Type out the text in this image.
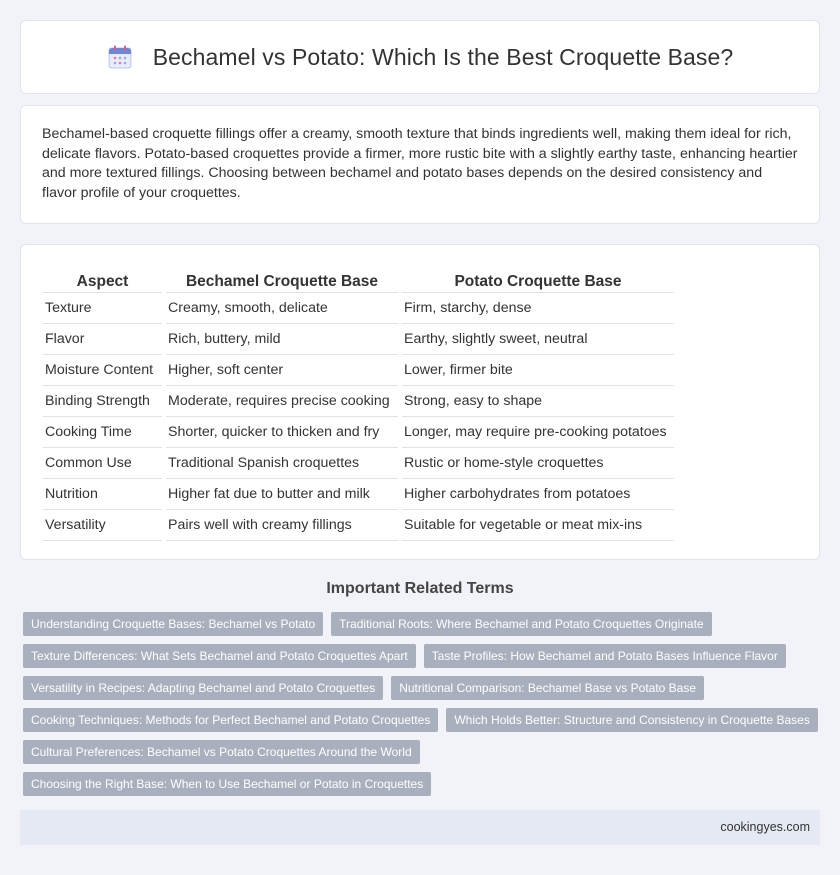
Bechamel vs Potato: Which Is the Best Croquette Base?

Bechamel-based croquette fillings offer a creamy, smooth texture that binds ingredients well, making them ideal for rich, delicate flavors. Potato-based croquettes provide a firmer, more rustic bite with a slightly earthy taste, enhancing heartier and more textured fillings. Choosing between bechamel and potato bases depends on the desired consistency and flavor profile of your croquettes.

Aspect	Bechamel Croquette Base	Potato Croquette Base
Texture	Creamy, smooth, delicate	Firm, starchy, dense
Flavor	Rich, buttery, mild	Earthy, slightly sweet, neutral
Moisture Content	Higher, soft center	Lower, firmer bite
Binding Strength	Moderate, requires precise cooking	Strong, easy to shape
Cooking Time	Shorter, quicker to thicken and fry	Longer, may require pre-cooking potatoes
Common Use	Traditional Spanish croquettes	Rustic or home-style croquettes
Nutrition	Higher fat due to butter and milk	Higher carbohydrates from potatoes
Versatility	Pairs well with creamy fillings	Suitable for vegetable or meat mix-ins
Important Related Terms
Understanding Croquette Bases: Bechamel vs Potato	Traditional Roots: Where Bechamel and Potato Croquettes Originate
Texture Differences: What Sets Bechamel and Potato Croquettes Apart	Taste Profiles: How Bechamel and Potato Bases Influence Flavor
Versatility in Recipes: Adapting Bechamel and Potato Croquettes	Nutritional Comparison: Bechamel Base vs Potato Base
Cooking Techniques: Methods for Perfect Bechamel and Potato Croquettes	Which Holds Better: Structure and Consistency in Croquette Bases
Cultural Preferences: Bechamel vs Potato Croquettes Around the World
Choosing the Right Base: When to Use Bechamel or Potato in Croquettes
cookingyes.com
